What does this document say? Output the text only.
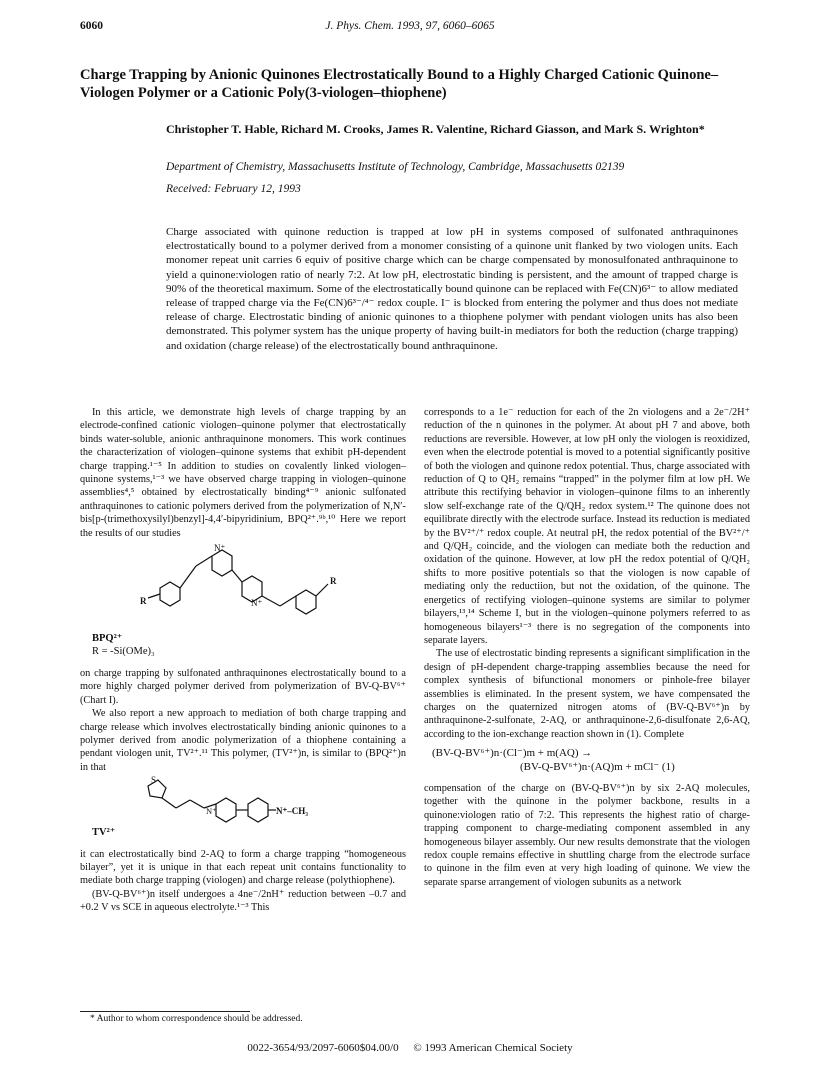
6060	J. Phys. Chem. 1993, 97, 6060–6065
Charge Trapping by Anionic Quinones Electrostatically Bound to a Highly Charged Cationic Quinone–Viologen Polymer or a Cationic Poly(3-viologen–thiophene)
Christopher T. Hable, Richard M. Crooks, James R. Valentine, Richard Giasson, and Mark S. Wrighton*
Department of Chemistry, Massachusetts Institute of Technology, Cambridge, Massachusetts 02139
Received: February 12, 1993
Charge associated with quinone reduction is trapped at low pH in systems composed of sulfonated anthraquinones electrostatically bound to a polymer derived from a monomer consisting of a quinone unit flanked by two viologen units. Each monomer repeat unit carries 6 equiv of positive charge which can be charge compensated by monosulfonated anthraquinone to yield a quinone:viologen ratio of nearly 7:2. At low pH, electrostatic binding is persistent, and the amount of trapped charge is 90% of the theoretical maximum. Some of the electrostatically bound quinone can be replaced with Fe(CN)6³⁻ to allow mediated release of trapped charge via the Fe(CN)6³⁻/⁴⁻ redox couple. I⁻ is blocked from entering the polymer and thus does not mediate release of charge. Electrostatic binding of anionic quinones to a thiophene polymer with pendant viologen units has also been demonstrated. This polymer system has the unique property of having built-in mediators for both the reduction (charge trapping) and oxidation (charge release) of the electrostatically bound anthraquinone.

In this article, we demonstrate high levels of charge trapping by an electrode-confined cationic viologen–quinone polymer that electrostatically binds water-soluble, anionic anthraquinone monomers. This work continues the characterization of viologen–quinone systems that exhibit pH-dependent charge trapping.¹⁻⁵ In addition to studies on covalently linked viologen–quinone systems,¹⁻³ we have observed charge trapping in viologen–quinone assemblies⁴,⁵ obtained by electrostatically binding⁴⁻⁹ anionic sulfonated anthraquinones to cationic polymers derived from the polymerization of N,N′-bis[p-(trimethoxysilyl)benzyl]-4,4′-bipyridinium, BPQ²⁺.⁹ᵇ,¹⁰ Here we report the results of our studies

N⁺
N⁺
R
R

BPQ²⁺

R = -Si(OMe)₃

on charge trapping by sulfonated anthraquinones electrostatically bound to a more highly charged polymer derived from polymerization of BV-Q-BV⁶⁺ (Chart I).

We also report a new approach to mediation of both charge trapping and charge release which involves electrostatically binding anionic quinones to a polymer derived from anodic polymerization of a thiophene containing a pendant viologen unit, TV²⁺.¹¹ This polymer, (TV²⁺)n, is similar to (BPQ²⁺)n in that

S
N⁺	N⁺–CH₃

TV²⁺

it can electrostatically bind 2-AQ to form a charge trapping “homogeneous bilayer”, yet it is unique in that each repeat unit contains functionality to mediate both charge trapping (viologen) and charge release (polythiophene).

(BV-Q-BV⁶⁺)n itself undergoes a 4ne⁻/2nH⁺ reduction between –0.7 and +0.2 V vs SCE in aqueous electrolyte.¹⁻³ This

corresponds to a 1e⁻ reduction for each of the 2n viologens and a 2e⁻/2H⁺ reduction of the n quinones in the polymer. At about pH 7 and above, both reductions are reversible. However, at low pH only the viologen is reoxidized, even when the electrode potential is moved to a potential significantly positive of both the viologen and quinone redox potential. Thus, charge associated with reduction of Q to QH₂ remains “trapped” in the polymer film at low pH. We attribute this rectifying behavior in viologen–quinone films to an inherently slow self-exchange rate of the Q/QH₂ redox system.¹² The quinone does not equilibrate directly with the electrode surface. Instead its reduction is mediated by the BV²⁺/⁺ redox couple. At neutral pH, the redox potential of the BV²⁺/⁺ and Q/QH₂ coincide, and the viologen can mediate both the reduction and oxidation of the quinone. However, at low pH the redox potential of Q/QH₂ shifts to more positive potentials so that the viologen is now capable of mediating only the reductiion, but not the oxidation, of the quinone. The energetics of rectifying viologen–quinone systems are similar to polymer bilayers,¹³,¹⁴ Scheme I, but in the viologen–quinone polymers referred to as homogeneous bilayers¹⁻³ there is no segregation of the components into separate layers.

The use of electrostatic binding represents a significant simplification in the design of pH-dependent charge-trapping assemblies because the need for complex synthesis of bifunctional monomers or pinhole-free bilayer assemblies is eliminated. In the present system, we have compensated the charges on the quaternized nitrogen atoms of (BV-Q-BV⁶⁺)n by anthraquinone-2-sulfonate, 2-AQ, or anthraquinone-2,6-disulfonate 2,6-AQ, according to the ion-exchange reaction shown in (1). Complete

(BV-Q-BV⁶⁺)n·(Cl⁻)m + m(AQ) →
(BV-Q-BV⁶⁺)n·(AQ)m + mCl⁻ (1)

compensation of the charge on (BV-Q-BV⁶⁺)n by six 2-AQ molecules, together with the quinone in the polymer backbone, results in a quinone:viologen ratio of 7:2. This represents the highest ratio of charge-trapping component to charge-mediating component assembled in any homogeneous bilayer assembly. Our new results demonstrate that the viologen redox couple remains effective in shuttling charge from the electrode surface to quinone in the film even at very high loading of quinone. We view the separate sparse arrangement of viologen subunits as a network

* Author to whom correspondence should be addressed.
0022-3654/93/2097-6060$04.00/0 © 1993 American Chemical Society
